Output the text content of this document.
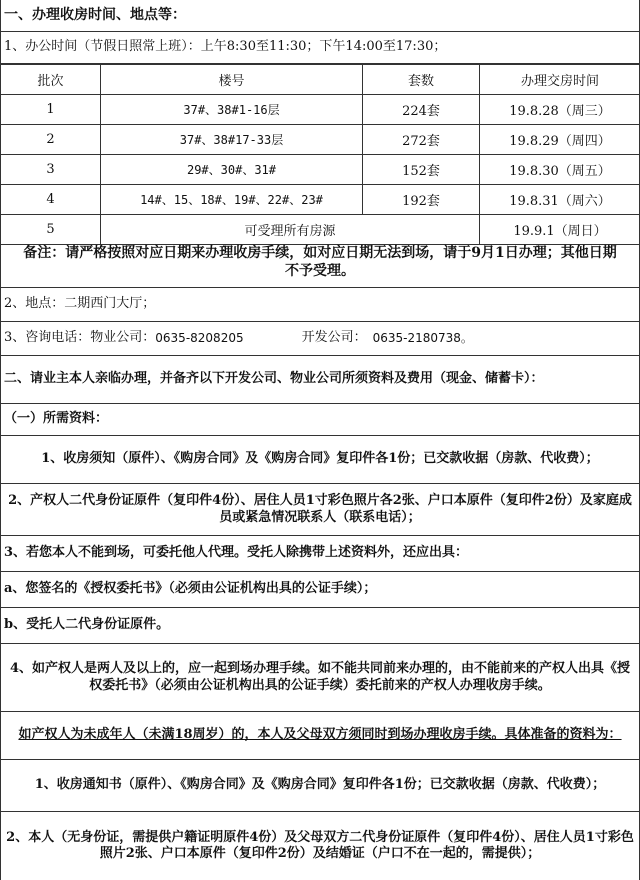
一、办理收房时间、地点等：
1、办公时间（节假日照常上班）：上午8:30至11:30；下午14:00至17:30；
批次	楼号	套数	办理交房时间
1	37#、38#1-16层	224套	19.8.28（周三）
2	37#、38#17-33层	272套	19.8.29（周四）
3	29#、30#、31#	152套	19.8.30（周五）
4	14#、15、18#、19#、22#、23#	192套	19.8.31（周六）
5	可受理所有房源		19.9.1（周日）
备注：请严格按照对应日期来办理收房手续，如对应日期无法到场，请于9月1日办理；其他日期不予受理。
2、地点：二期西门大厅；
3、咨询电话：物业公司： 0635-8208205	开发公司： 0635-2180738。
二、请业主本人亲临办理，并备齐以下开发公司、物业公司所须资料及费用（现金、储蓄卡）：
（一）所需资料：
1、收房须知（原件）、《购房合同》及《购房合同》复印件各1份；已交款收据（房款、代收费）；
2、产权人二代身份证原件（复印件4份）、居住人员1寸彩色照片各2张、户口本原件（复印件2份）及家庭成员或紧急情况联系人（联系电话）；
3、若您本人不能到场，可委托他人代理。受托人除携带上述资料外，还应出具：
a、您签名的《授权委托书》（必须由公证机构出具的公证手续）；
b、受托人二代身份证原件。
4、如产权人是两人及以上的，应一起到场办理手续。如不能共同前来办理的，由不能前来的产权人出具《授权委托书》（必须由公证机构出具的公证手续）委托前来的产权人办理收房手续。
如产权人为未成年人（未满18周岁）的，本人及父母双方须同时到场办理收房手续。具体准备的资料为：
1、收房通知书（原件）、《购房合同》及《购房合同》复印件各1份；已交款收据（房款、代收费）；
2、本人（无身份证，需提供户籍证明原件4份）及父母双方二代身份证原件（复印件4份）、居住人员1寸彩色照片2张、户口本原件（复印件2份）及结婚证（户口不在一起的，需提供）；
